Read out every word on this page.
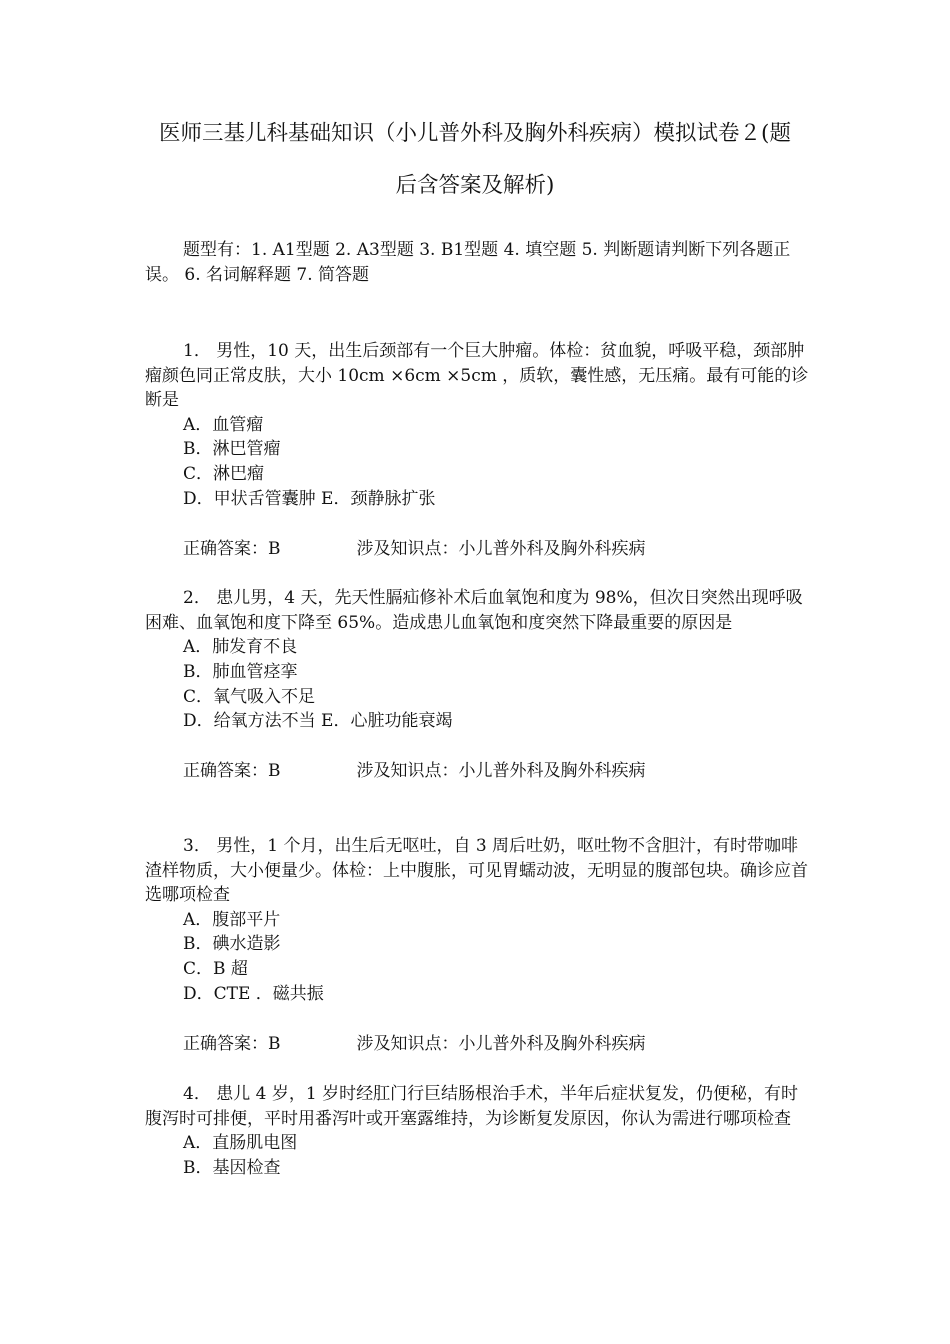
医师三基儿科基础知识（小儿普外科及胸外科疾病）模拟试卷２(题
后含答案及解析)
题型有：1. A1型题 2. A3型题 3. B1型题 4. 填空题 5. 判断题请判断下列各题正误。 6. 名词解释题 7. 简答题

1． 男性，10 天，出生后颈部有一个巨大肿瘤。体检：贫血貌，呼吸平稳，颈部肿瘤颜色同正常皮肤，大小 10cm ×6cm ×5cm ，质软，囊性感，无压痛。最有可能的诊断是

A．血管瘤

B．淋巴管瘤

C．淋巴瘤

D．甲状舌管囊肿 E．颈静脉扩张

正确答案：B	涉及知识点：小儿普外科及胸外科疾病

2． 患儿男，4 天，先天性膈疝修补术后血氧饱和度为 98%，但次日突然出现呼吸困难、血氧饱和度下降至 65%。造成患儿血氧饱和度突然下降最重要的原因是

A．肺发育不良

B．肺血管痉挛

C．氧气吸入不足

D．给氧方法不当 E．心脏功能衰竭

正确答案：B	涉及知识点：小儿普外科及胸外科疾病

3． 男性，1 个月，出生后无呕吐，自 3 周后吐奶，呕吐物不含胆汁，有时带咖啡渣样物质，大小便量少。体检：上中腹胀，可见胃蠕动波，无明显的腹部包块。确诊应首选哪项检查

A．腹部平片

B．碘水造影

C．B 超

D．CTE ．磁共振

正确答案：B	涉及知识点：小儿普外科及胸外科疾病

4． 患儿 4 岁，1 岁时经肛门行巨结肠根治手术，半年后症状复发，仍便秘，有时腹泻时可排便，平时用番泻叶或开塞露维持，为诊断复发原因，你认为需进行哪项检查

A．直肠肌电图

B．基因检查
